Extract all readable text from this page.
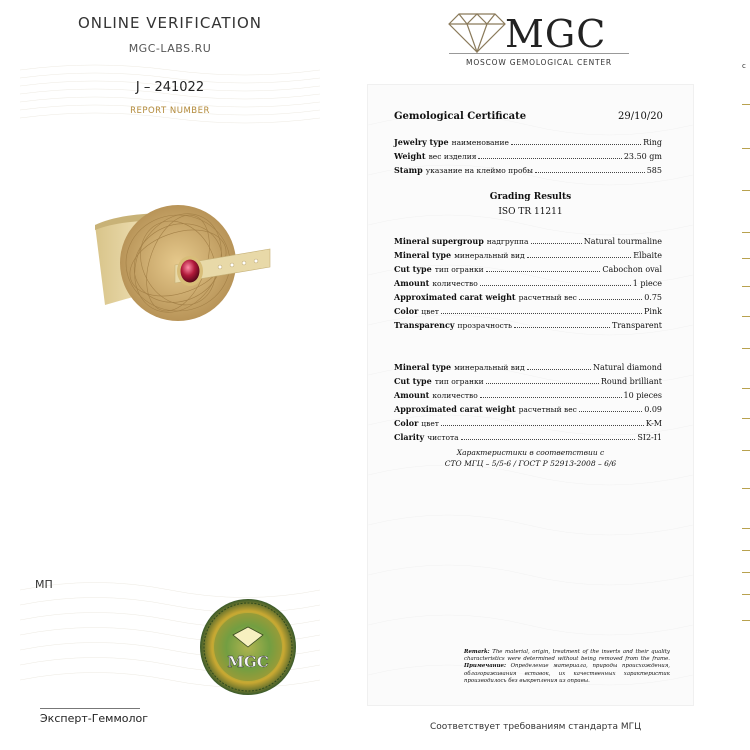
ONLINE VERIFICATION
MGC-LABS.RU
J – 241022
REPORT NUMBER
МП
MGC
Эксперт-Геммолог
MGC
MOSCOW GEMOLOGICAL CENTER
Gemological Certificate	29/10/20
Jewelry type наименование	Ring
Weight вес изделия	23.50 gm
Stamp указание на клеймо пробы	585
Grading Results
ISO TR 11211
Mineral supergroup надгруппа	Natural tourmaline
Mineral type минеральный вид	Elbaite
Cut type тип огранки	Cabochon oval
Amount количество	1 piece
Approximated carat weight расчетный вес	0.75
Color цвет	Pink
Transparency прозрачность	Transparent
Mineral type минеральный вид	Natural diamond
Cut type тип огранки	Round brilliant
Amount количество	10 pieces
Approximated carat weight расчетный вес	0.09
Color цвет	K-M
Clarity чистота	SI2-I1
Характеристики в соответствии с
СТО МГЦ – 5/5-6 / ГОСТ Р 52913-2008 – 6/6
Remark: The material, origin, treatment of the inserts and their quality characteristics were determined without being removed from the frame. Примечание: Определение материала, природы происхождения, облагораживания вставок, их качественных характеристик производилось без выкрепления из оправы.
Соответствует требованиям стандарта МГЦ
c
